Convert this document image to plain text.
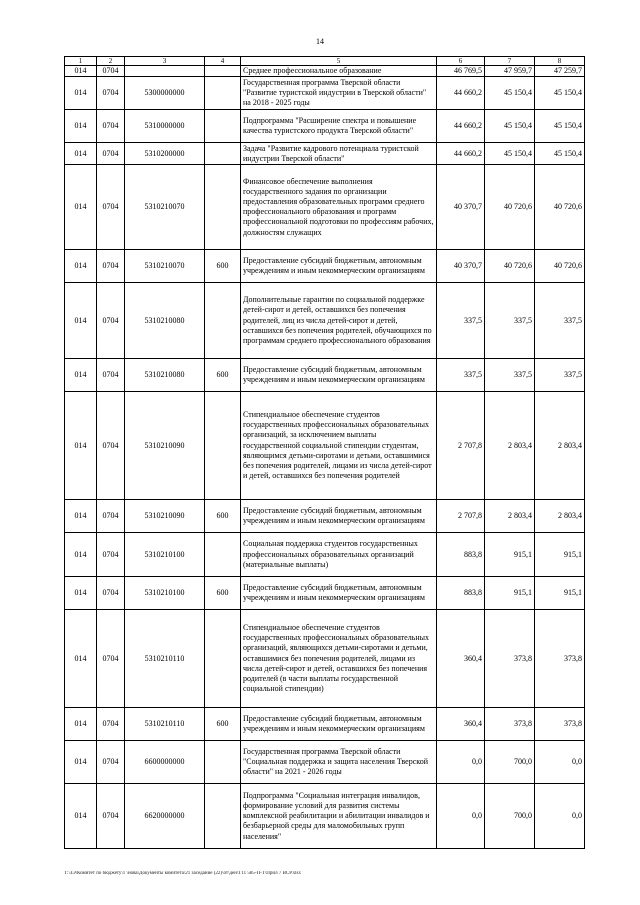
14
1	2	3	4	5	6	7	8
014	0704			Среднее профессиональное образование	46 769,5	47 959,7	47 259,7
014	0704	5300000000		Государственная программа Тверской области "Развитие туристской индустрии в Тверской области" на 2018 - 2025 годы	44 660,2	45 150,4	45 150,4
014	0704	5310000000		Подпрограмма "Расширение спектра и повышение качества туристского продукта Тверской области"	44 660,2	45 150,4	45 150,4
014	0704	5310200000		Задача "Развитие кадрового потенциала туристской индустрии Тверской области"	44 660,2	45 150,4	45 150,4
014	0704	5310210070		Финансовое обеспечение выполнения государственного задания по организации предоставления образовательных программ среднего профессионального образования и программ профессиональной подготовки по профессиям рабочих, должностям служащих	40 370,7	40 720,6	40 720,6
014	0704	5310210070	600	Предоставление субсидий бюджетным, автономным учреждениям и иным некоммерческим организациям	40 370,7	40 720,6	40 720,6
014	0704	5310210080		Дополнительные гарантии по социальной поддержке детей-сирот и детей, оставшихся без попечения родителей, лиц из числа детей-сирот и детей, оставшихся без попечения родителей, обучающихся по программам среднего профессионального образования	337,5	337,5	337,5
014	0704	5310210080	600	Предоставление субсидий бюджетным, автономным учреждениям и иным некоммерческим организациям	337,5	337,5	337,5
014	0704	5310210090		Стипендиальное обеспечение студентов государственных профессиональных образовательных организаций, за исключением выплаты государственной социальной стипендии студентам, являющимся детьми-сиротами и детьми, оставшимися без попечения родителей, лицами из числа детей-сирот и детей, оставшихся без попечения родителей	2 707,8	2 803,4	2 803,4
014	0704	5310210090	600	Предоставление субсидий бюджетным, автономным учреждениям и иным некоммерческим организациям	2 707,8	2 803,4	2 803,4
014	0704	5310210100		Социальная поддержка студентов государственных профессиональных образовательных организаций (материальные выплаты)	883,8	915,1	915,1
014	0704	5310210100	600	Предоставление субсидий бюджетным, автономным учреждениям и иным некоммерческим организациям	883,8	915,1	915,1
014	0704	5310210110		Стипендиальное обеспечение студентов государственных профессиональных образовательных организаций, являющихся детьми-сиротами и детьми, оставшимися без попечения родителей, лицами из числа детей-сирот и детей, оставшихся без попечения родителей (в части выплаты государственной социальной стипендии)	360,4	373,8	373,8
014	0704	5310210110	600	Предоставление субсидий бюджетным, автономным учреждениям и иным некоммерческим организациям	360,4	373,8	373,8
014	0704	6600000000		Государственная программа Тверской области "Социальная поддержка и защита населения Тверской области" на 2021 - 2026 годы	0,0	700,0	0,0
014	0704	6620000000		Подпрограмма "Социальная интеграция инвалидов, формирование условий для развития системы комплексной реабилитации и абилитации инвалидов и безбарьерной среды для маломобильных групп населения"	0,0	700,0	0,0
Т:\ЗЭ\Комитет по бюджету\1 \нова\Документы комитета\21 заседание (22)\от\ден\Т11 585-П-Т\Прил 7 ВСР.xlsx
